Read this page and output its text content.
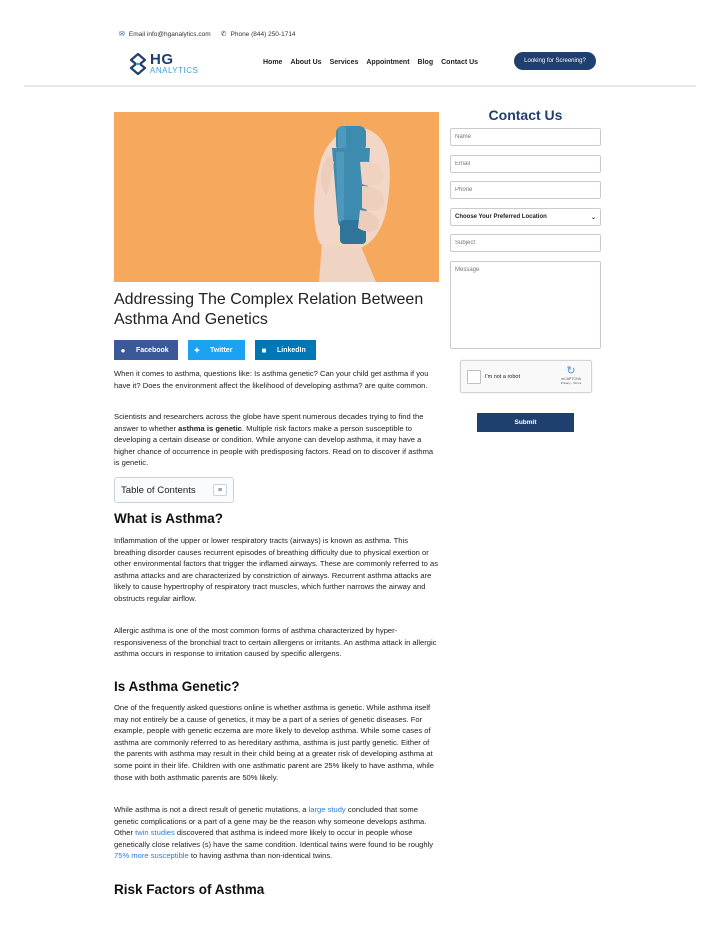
✉ Email info@hganalytics.com ✆ Phone (844) 250-1714
HG
ANALYTICS
Home About Us Services Appointment Blog Contact Us	Looking for Screening?
Addressing The Complex Relation Between Asthma And Genetics
●	Facebook	✦	Twitter	■	LinkedIn

When it comes to asthma, questions like: Is asthma genetic? Can your child get asthma if you have it? Does the environment affect the likelihood of developing asthma? are quite common.

Scientists and researchers across the globe have spent numerous decades trying to find the answer to whether asthma is genetic. Multiple risk factors make a person susceptible to developing a certain disease or condition. While anyone can develop asthma, it may have a higher chance of occurrence in people with predisposing factors. Read on to discover if asthma is genetic.

Table of Contents	≡
What is Asthma?

Inflammation of the upper or lower respiratory tracts (airways) is known as asthma. This breathing disorder causes recurrent episodes of breathing difficulty due to physical exertion or other environmental factors that trigger the inflamed airways. These are commonly referred to as asthma attacks and are characterized by constriction of airways. Recurrent asthma attacks are likely to cause hypertrophy of respiratory tract muscles, which further narrows the airway and obstructs regular airflow.

Allergic asthma is one of the most common forms of asthma characterized by hyper-responsiveness of the bronchial tract to certain allergens or irritants. An asthma attack in allergic asthma occurs in response to irritation caused by specific allergens.

Is Asthma Genetic?

One of the frequently asked questions online is whether asthma is genetic. While asthma itself may not entirely be a cause of genetics, it may be a part of a series of genetic diseases. For example, people with genetic eczema are more likely to develop asthma. While some cases of asthma are commonly referred to as hereditary asthma, asthma is just partly genetic. Either of the parents with asthma may result in their child being at a greater risk of developing asthma at some point in their life. Children with one asthmatic parent are 25% likely to have asthma, while those with both asthmatic parents are 50% likely.

While asthma is not a direct result of genetic mutations, a large study concluded that some genetic complications or a part of a gene may be the reason why someone develops asthma. Other twin studies discovered that asthma is indeed more likely to occur in people whose genetically close relatives (s) have the same condition. Identical twins were found to be roughly 75% more susceptible to having asthma than non-identical twins.

Risk Factors of Asthma
Contact Us
Name
Email
Phone
Choose Your Preferred Location	⌄
Subject
Message
I'm not a robot	↻
reCAPTCHA
Privacy - Terms
Submit
